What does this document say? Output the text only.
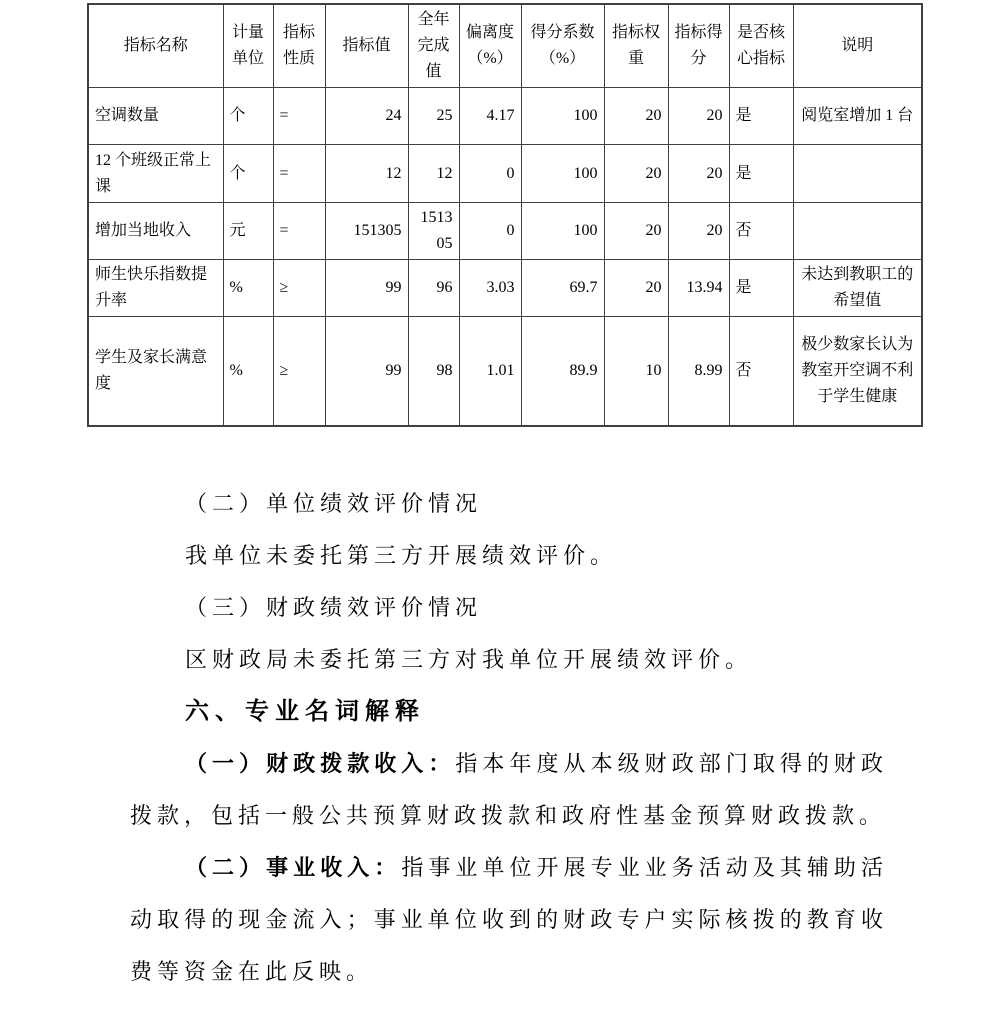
指标名称	计量单位	指标性质	指标值	全年完成值	偏离度（%）	得分系数（%）	指标权重	指标得分	是否核心指标	说明
空调数量	个	=	24	25	4.17	100	20	20	是	阅览室增加 1 台
12 个班级正常上课	个	=	12	12	0	100	20	20	是	
增加当地收入	元	=	151305	151305	0	100	20	20	否	
师生快乐指数提升率	%	≥	99	96	3.03	69.7	20	13.94	是	未达到教职工的希望值
学生及家长满意度	%	≥	99	98	1.01	89.9	10	8.99	否	极少数家长认为教室开空调不利于学生健康

（二）单位绩效评价情况

我单位未委托第三方开展绩效评价。

（三）财政绩效评价情况

区财政局未委托第三方对我单位开展绩效评价。

六、专业名词解释

（一）财政拨款收入：指本年度从本级财政部门取得的财政拨款，包括一般公共预算财政拨款和政府性基金预算财政拨款。

（二）事业收入：指事业单位开展专业业务活动及其辅助活动取得的现金流入；事业单位收到的财政专户实际核拨的教育收费等资金在此反映。
